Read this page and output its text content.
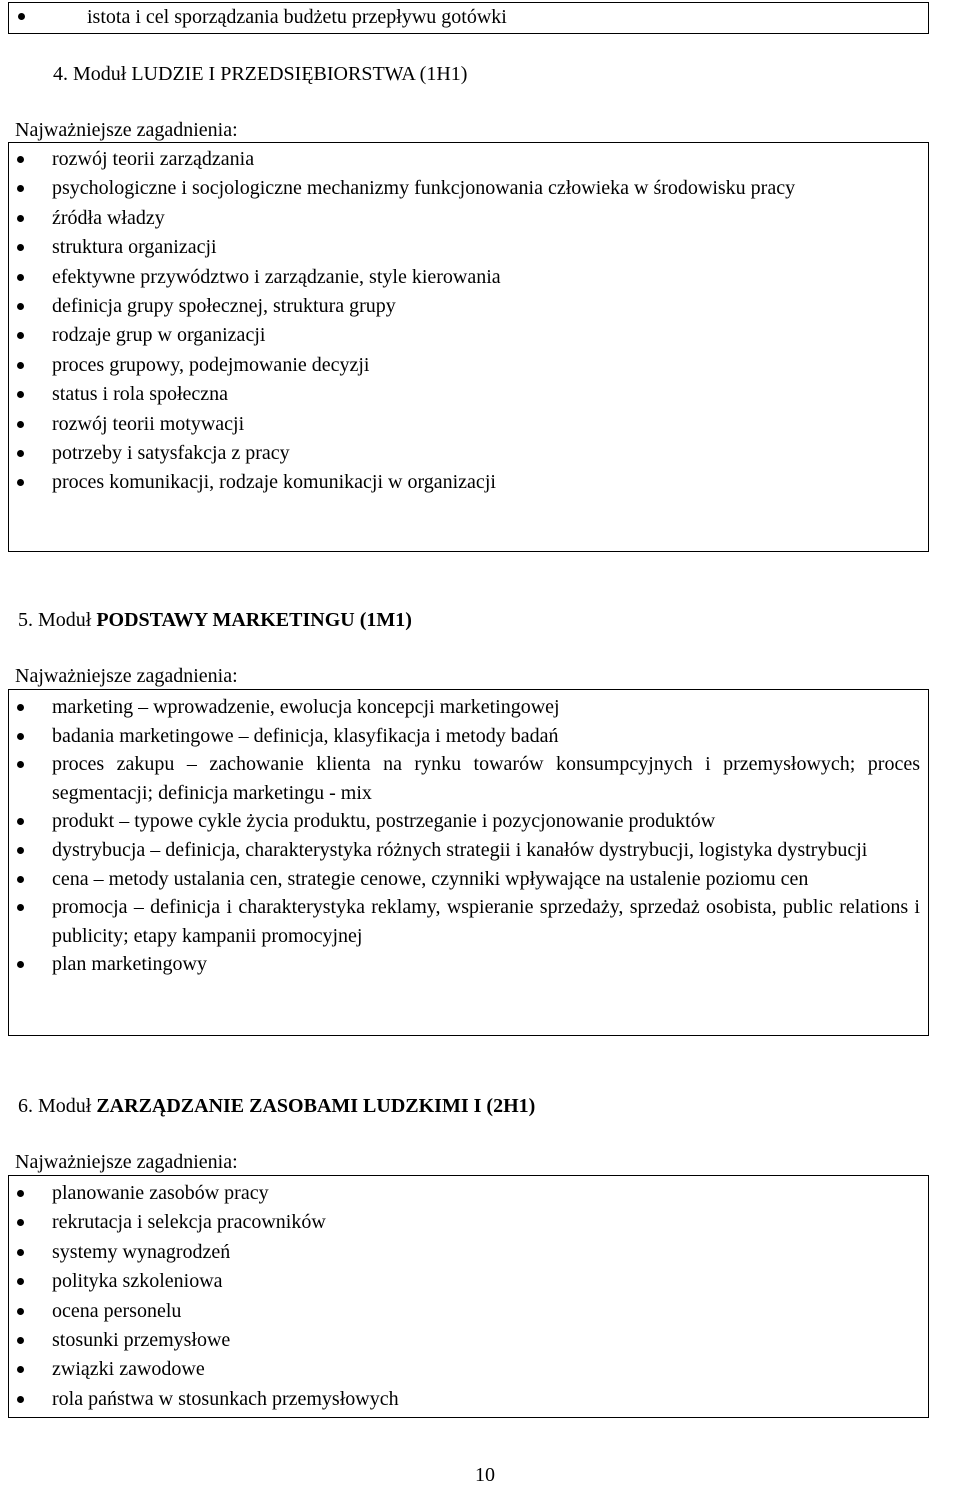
istota i cel sporządzania budżetu przepływu gotówki
4. Moduł LUDZIE I PRZEDSIĘBIORSTWA (1H1)
Najważniejsze zagadnienia:
rozwój teorii zarządzania
psychologiczne i socjologiczne mechanizmy funkcjonowania człowieka w środowisku pracy
źródła władzy
struktura organizacji
efektywne przywództwo i zarządzanie, style kierowania
definicja grupy społecznej, struktura grupy
rodzaje grup w organizacji
proces grupowy, podejmowanie decyzji
status i rola społeczna
rozwój teorii motywacji
potrzeby i satysfakcja z pracy
proces komunikacji, rodzaje komunikacji w organizacji
5. Moduł PODSTAWY MARKETINGU (1M1)
Najważniejsze zagadnienia:
marketing – wprowadzenie, ewolucja koncepcji marketingowej
badania marketingowe – definicja, klasyfikacja i metody badań
proces zakupu – zachowanie klienta na rynku towarów konsumpcyjnych i przemysłowych; proces segmentacji; definicja marketingu - mix
produkt – typowe cykle życia produktu, postrzeganie i pozycjonowanie produktów
dystrybucja – definicja, charakterystyka różnych strategii i kanałów dystrybucji, logistyka dystrybucji
cena – metody ustalania cen, strategie cenowe, czynniki wpływające na ustalenie poziomu cen
promocja – definicja i charakterystyka reklamy, wspieranie sprzedaży, sprzedaż osobista, public relations i publicity; etapy kampanii promocyjnej
plan marketingowy
6. Moduł ZARZĄDZANIE ZASOBAMI LUDZKIMI I (2H1)
Najważniejsze zagadnienia:
planowanie zasobów pracy
rekrutacja i selekcja pracowników
systemy wynagrodzeń
polityka szkoleniowa
ocena personelu
stosunki przemysłowe
związki zawodowe
rola państwa w stosunkach przemysłowych
10
